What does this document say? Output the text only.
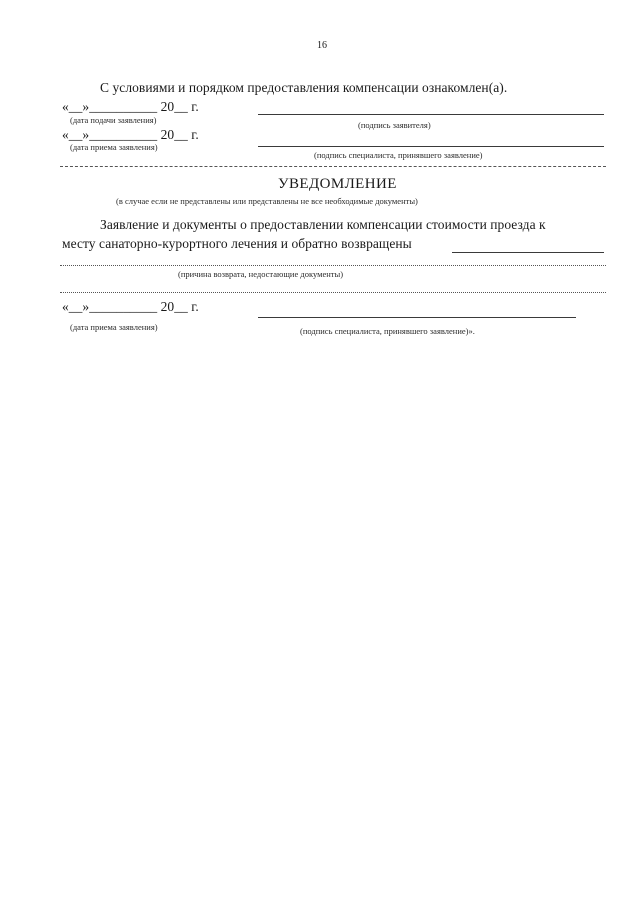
16
С условиями и порядком предоставления компенсации ознакомлен(а).
«__»__________ 20__ г.
(дата подачи заявления)	(подпись заявителя)
«__»__________ 20__ г.
(дата приема заявления)
(подпись специалиста, принявшего заявление)
УВЕДОМЛЕНИЕ
(в случае если не представлены или представлены не все необходимые документы)
Заявление и документы о предоставлении компенсации стоимости проезда к
месту санаторно-курортного лечения и обратно возвращены
(причина возврата, недостающие документы)
«__»__________ 20__ г.
(дата приема заявления)	(подпись специалиста, принявшего заявление)».
